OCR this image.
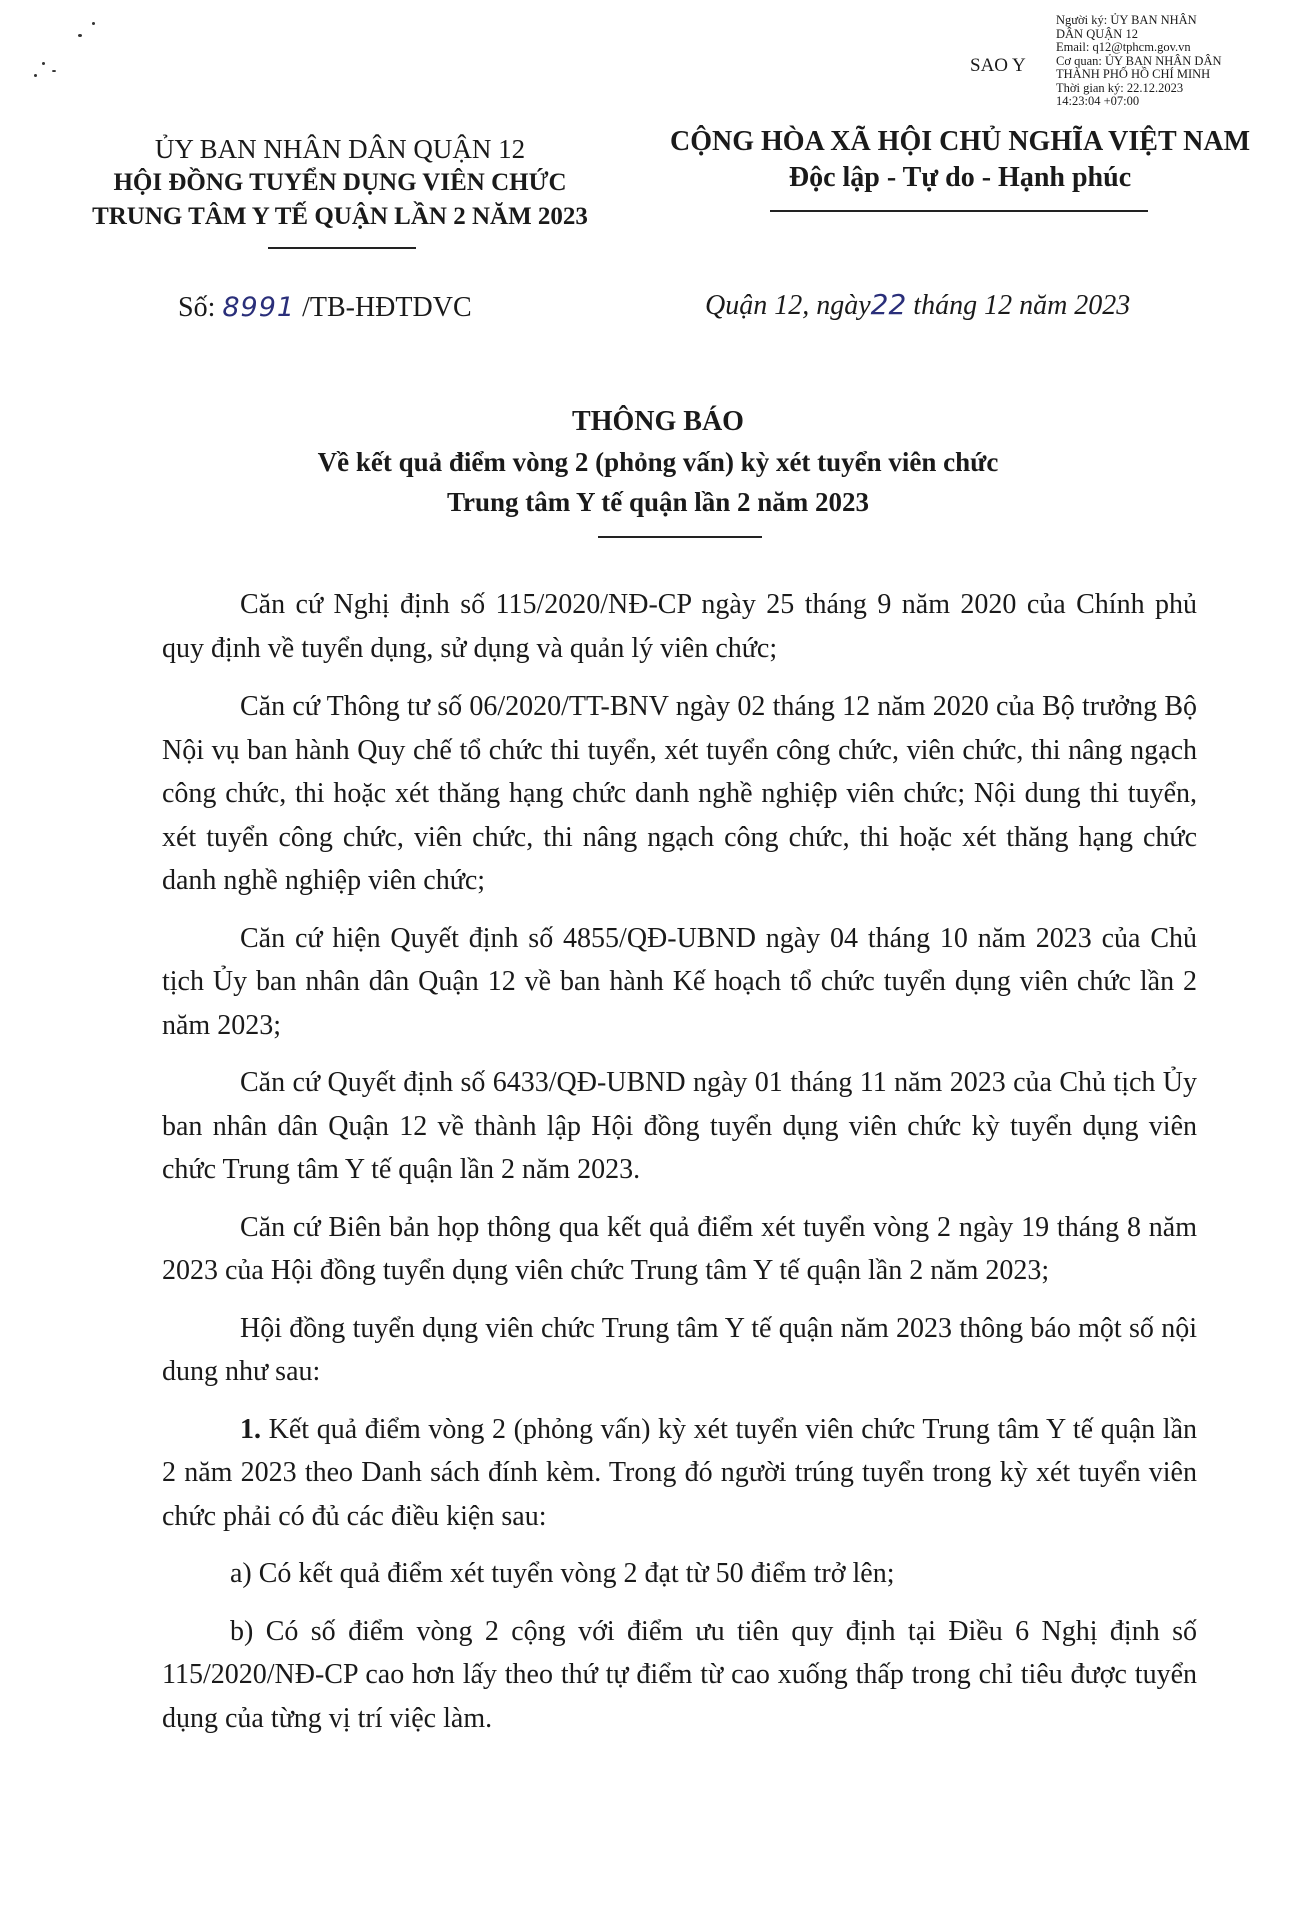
SAO Y
Người ký: ỦY BAN NHÂN
DÂN QUẬN 12
Email: q12@tphcm.gov.vn
Cơ quan: ỦY BAN NHÂN DÂN
THÀNH PHỐ HỒ CHÍ MINH
Thời gian ký: 22.12.2023
14:23:04 +07:00
ỦY BAN NHÂN DÂN QUẬN 12
HỘI ĐỒNG TUYỂN DỤNG VIÊN CHỨC
TRUNG TÂM Y TẾ QUẬN LẦN 2 NĂM 2023
CỘNG HÒA XÃ HỘI CHỦ NGHĨA VIỆT NAM
Độc lập - Tự do - Hạnh phúc
Số: 8991 /TB-HĐTDVC	Quận 12, ngày22 tháng 12 năm 2023
THÔNG BÁO
Về kết quả điểm vòng 2 (phỏng vấn) kỳ xét tuyển viên chức
Trung tâm Y tế quận lần 2 năm 2023

Căn cứ Nghị định số 115/2020/NĐ-CP ngày 25 tháng 9 năm 2020 của Chính phủ quy định về tuyển dụng, sử dụng và quản lý viên chức;

Căn cứ Thông tư số 06/2020/TT-BNV ngày 02 tháng 12 năm 2020 của Bộ trưởng Bộ Nội vụ ban hành Quy chế tổ chức thi tuyển, xét tuyển công chức, viên chức, thi nâng ngạch công chức, thi hoặc xét thăng hạng chức danh nghề nghiệp viên chức; Nội dung thi tuyển, xét tuyển công chức, viên chức, thi nâng ngạch công chức, thi hoặc xét thăng hạng chức danh nghề nghiệp viên chức;

Căn cứ hiện Quyết định số 4855/QĐ-UBND ngày 04 tháng 10 năm 2023 của Chủ tịch Ủy ban nhân dân Quận 12 về ban hành Kế hoạch tổ chức tuyển dụng viên chức lần 2 năm 2023;

Căn cứ Quyết định số 6433/QĐ-UBND ngày 01 tháng 11 năm 2023 của Chủ tịch Ủy ban nhân dân Quận 12 về thành lập Hội đồng tuyển dụng viên chức kỳ tuyển dụng viên chức Trung tâm Y tế quận lần 2 năm 2023.

Căn cứ Biên bản họp thông qua kết quả điểm xét tuyển vòng 2 ngày 19 tháng 8 năm 2023 của Hội đồng tuyển dụng viên chức Trung tâm Y tế quận lần 2 năm 2023;

Hội đồng tuyển dụng viên chức Trung tâm Y tế quận năm 2023 thông báo một số nội dung như sau:

1. Kết quả điểm vòng 2 (phỏng vấn) kỳ xét tuyển viên chức Trung tâm Y tế quận lần 2 năm 2023 theo Danh sách đính kèm. Trong đó người trúng tuyển trong kỳ xét tuyển viên chức phải có đủ các điều kiện sau:

a) Có kết quả điểm xét tuyển vòng 2 đạt từ 50 điểm trở lên;

b) Có số điểm vòng 2 cộng với điểm ưu tiên quy định tại Điều 6 Nghị định số 115/2020/NĐ-CP cao hơn lấy theo thứ tự điểm từ cao xuống thấp trong chỉ tiêu được tuyển dụng của từng vị trí việc làm.
